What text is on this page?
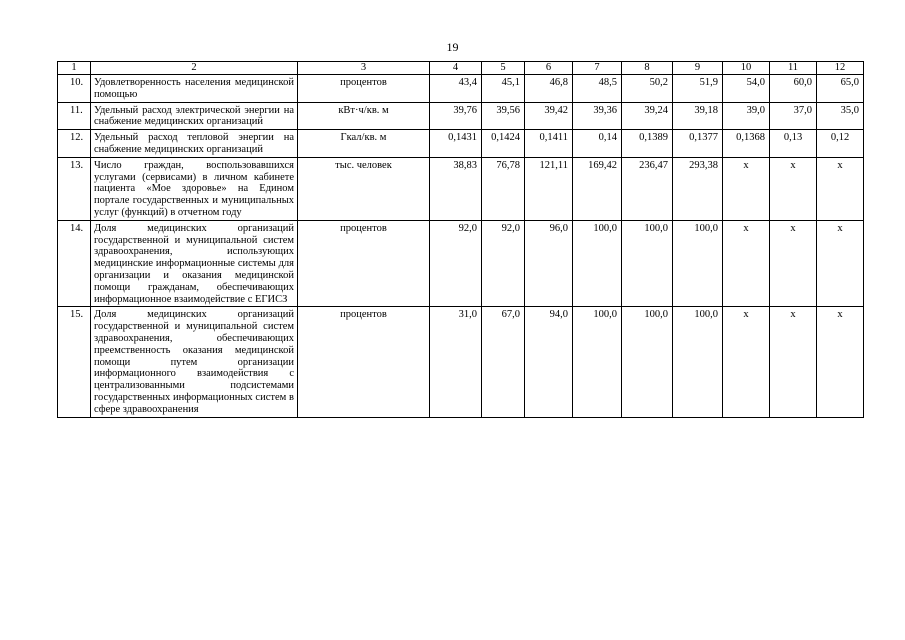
19
1	2	3	4	5	6	7	8	9	10	11	12
10.	Удовлетворенность населения медицинской помощью	процентов	43,4	45,1	46,8	48,5	50,2	51,9	54,0	60,0	65,0
11.	Удельный расход электрической энергии на снабжение медицинских организаций	кВт·ч/кв. м	39,76	39,56	39,42	39,36	39,24	39,18	39,0	37,0	35,0
12.	Удельный расход тепловой энергии на снабжение медицинских организаций	Гкал/кв. м	0,1431	0,1424	0,1411	0,14	0,1389	0,1377	0,1368	0,13	0,12
13.	Число граждан, воспользовавшихся услугами (сервисами) в личном кабинете пациента «Мое здоровье» на Едином портале государственных и муниципальных услуг (функций) в отчетном году	тыс. человек	38,83	76,78	121,11	169,42	236,47	293,38	х	х	х
14.	Доля медицинских организаций государственной и муниципальной систем здравоохранения, использующих медицинские информационные системы для организации и оказания медицинской помощи гражданам, обеспечивающих информационное взаимодействие с ЕГИСЗ	процентов	92,0	92,0	96,0	100,0	100,0	100,0	х	х	х
15.	Доля медицинских организаций государственной и муниципальной систем здравоохранения, обеспечивающих преемственность оказания медицинской помощи путем организации информационного взаимодействия с централизованными подсистемами государственных информационных систем в сфере здравоохранения	процентов	31,0	67,0	94,0	100,0	100,0	100,0	х	х	х
